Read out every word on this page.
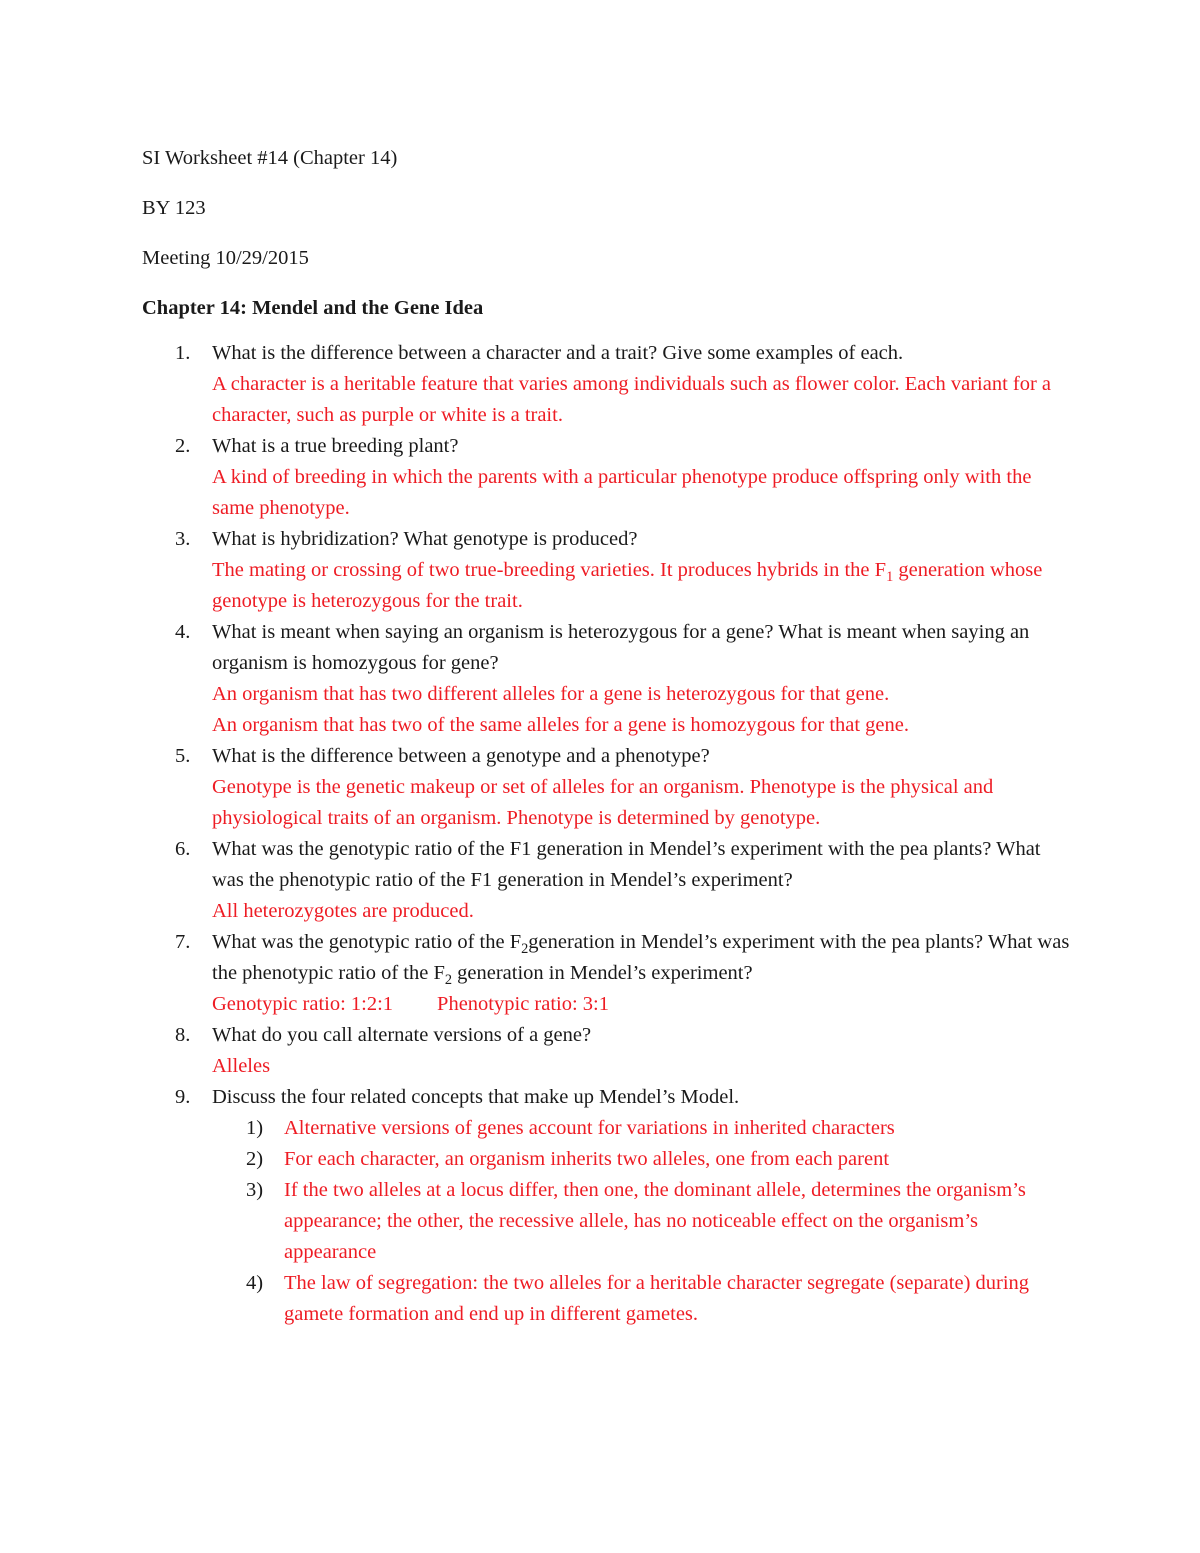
SI Worksheet #14 (Chapter 14)

BY 123

Meeting 10/29/2015

Chapter 14: Mendel and the Gene Idea

1. What is the difference between a character and a trait? Give some examples of each.
A character is a heritable feature that varies among individuals such as flower color. Each variant for a character, such as purple or white is a trait.
2. What is a true breeding plant?
A kind of breeding in which the parents with a particular phenotype produce offspring only with the same phenotype.
3. What is hybridization? What genotype is produced?
The mating or crossing of two true-breeding varieties. It produces hybrids in the $F_1$ generation whose genotype is heterozygous for the trait.
4. What is meant when saying an organism is heterozygous for a gene? What is meant when saying an organism is homozygous for gene?
An organism that has two different alleles for a gene is heterozygous for that gene.
An organism that has two of the same alleles for a gene is homozygous for that gene.
5. What is the difference between a genotype and a phenotype?
Genotype is the genetic makeup or set of alleles for an organism. Phenotype is the physical and physiological traits of an organism. Phenotype is determined by genotype.
6. What was the genotypic ratio of the F1 generation in Mendel’s experiment with the pea plants? What was the phenotypic ratio of the F1 generation in Mendel’s experiment?
All heterozygotes are produced.
7. What was the genotypic ratio of the $F_2generation$ in Mendel’s experiment with the pea plants? What was the phenotypic ratio of the $F_2$ generation in Mendel’s experiment?
Genotypic ratio: 1:2:1 Phenotypic ratio: 3:1
8. What do you call alternate versions of a gene?
Alleles
9. Discuss the four related concepts that make up Mendel’s Model.
1) Alternative versions of genes account for variations in inherited characters
2) For each character, an organism inherits two alleles, one from each parent
3) If the two alleles at a locus differ, then one, the dominant allele, determines the organism’s appearance; the other, the recessive allele, has no noticeable effect on the organism’s appearance
4) The law of segregation: the two alleles for a heritable character segregate (separate) during gamete formation and end up in different gametes.
